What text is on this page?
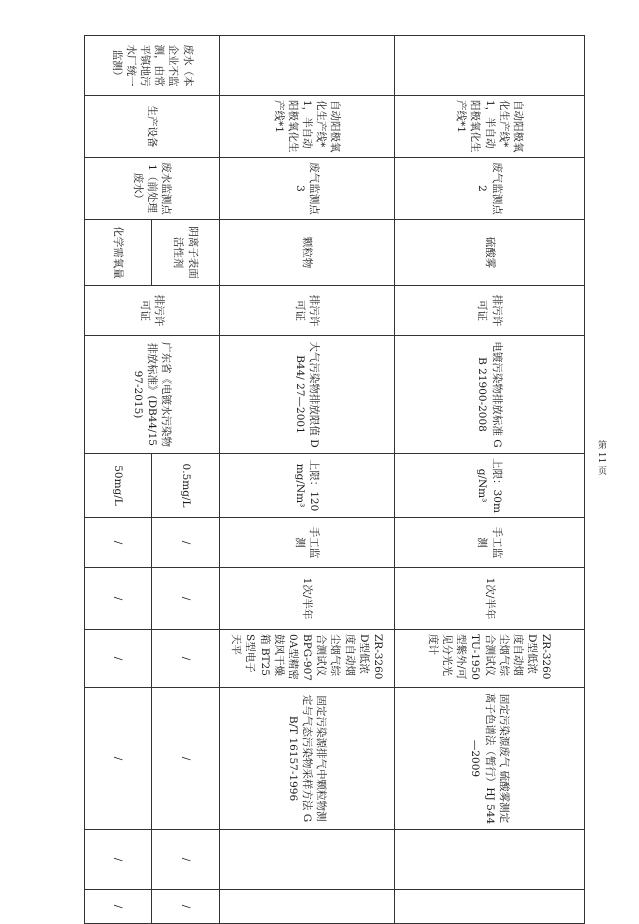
	自动阳极氧化生产线*1，半自动阳极氧化生产线*1	废气监测点2	硫酸雾	排污许可证	电镀污染物排放标准 GB 21900-2008	上限：30mg/Nm³	手工监测	1次/半年	ZR-3260D型低浓度自动烟尘烟气综合测试仪 TU-1950型紫外/可见分光光度计	固定污染源废气 硫酸雾测定 离子色谱法（暂行）HJ 544—2009		
	自动阳极氧化生产线*1，半自动阳极氧化生产线*1	废气监测点3	颗粒物	排污许可证	大气污染物排放限值 DB44/ 27—2001	上限：120mg/Nm³	手工监测	1次/半年	ZR-3260D型低浓度自动烟尘烟气综合测试仪 BPG-9070A型精密鼓风干燥箱 BT25S型电子天平	固定污染源排气中颗粒物测定与气态污染物采样方法 GB/T 16157-1996		
废水（本企业不监测，由常平镇地污水厂统一监测）	生产设备	废水监测点1（前处理废水）	阴离子表面活性剂	排污许可证	广东省《电镀水污染物排放标准》(DB44/1597-2015)	0.5mg/L	/	/	/	/	/	/
			化学需氧量			50mg/L	/	/	/	/	/	/
第 11 页
